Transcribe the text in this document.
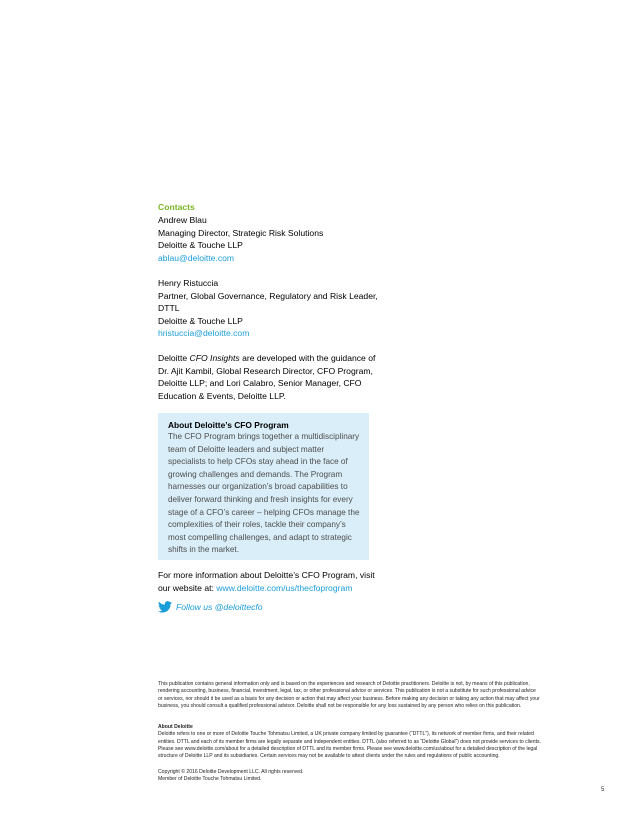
Contacts
Andrew Blau
Managing Director, Strategic Risk Solutions
Deloitte & Touche LLP
ablau@deloitte.com
Henry Ristuccia
Partner, Global Governance, Regulatory and Risk Leader,
DTTL
Deloitte & Touche LLP
hristuccia@deloitte.com
Deloitte CFO Insights are developed with the guidance of
Dr. Ajit Kambil, Global Research Director, CFO Program,
Deloitte LLP; and Lori Calabro, Senior Manager, CFO
Education & Events, Deloitte LLP.
About Deloitte’s CFO Program
The CFO Program brings together a multidisciplinary
team of Deloitte leaders and subject matter
specialists to help CFOs stay ahead in the face of
growing challenges and demands. The Program
harnesses our organization’s broad capabilities to
deliver forward thinking and fresh insights for every
stage of a CFO’s career – helping CFOs manage the
complexities of their roles, tackle their company’s
most compelling challenges, and adapt to strategic
shifts in the market.
For more information about Deloitte’s CFO Program, visit
our website at: www.deloitte.com/us/thecfoprogram
Follow us @deloittecfo
This publication contains general information only and is based on the experiences and research of Deloitte practitioners. Deloitte is not, by means of this publication,
rendering accounting, business, financial, investment, legal, tax, or other professional advice or services. This publication is not a substitute for such professional advice
or services, nor should it be used as a basis for any decision or action that may affect your business. Before making any decision or taking any action that may affect your
business, you should consult a qualified professional advisor. Deloitte shall not be responsible for any loss sustained by any person who relies on this publication.
About Deloitte
Deloitte refers to one or more of Deloitte Touche Tohmatsu Limited, a UK private company limited by guarantee (“DTTL”), its network of member firms, and their related
entities. DTTL and each of its member firms are legally separate and independent entities. DTTL (also referred to as “Deloitte Global”) does not provide services to clients.
Please see www.deloitte.com/about for a detailed description of DTTL and its member firms. Please see www.deloitte.com/us/about for a detailed description of the legal
structure of Deloitte LLP and its subsidiaries. Certain services may not be available to attest clients under the rules and regulations of public accounting.
Copyright © 2016 Deloitte Development LLC. All rights reserved.
Member of Deloitte Touche Tohmatsu Limited.
5
